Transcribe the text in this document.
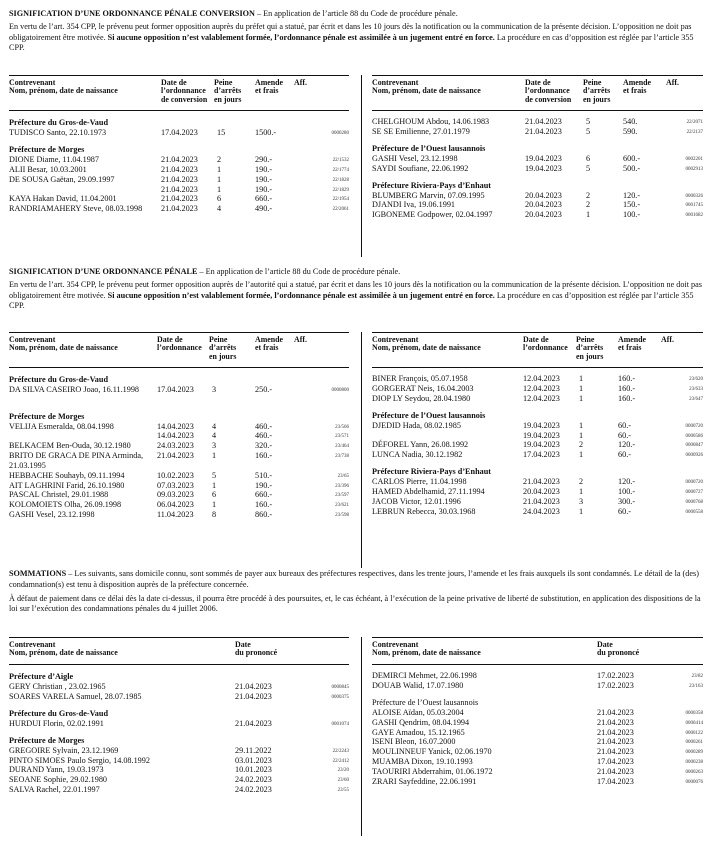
SIGNIFICATION D’UNE ORDONNANCE PÉNALE CONVERSION – En application de l’article 88 du Code de procédure pénale.
En vertu de l’art. 354 CPP, le prévenu peut former opposition auprès du préfet qui a statué, par écrit et dans les 10 jours dès la notification ou la communication de la présente décision. L’opposition ne doit pas obligatoirement être motivée. Si aucune opposition n’est valablement formée, l’ordonnance pénale est assimilée à un jugement entré en force. La procédure en cas d’opposition est réglée par l’article 355 CPP.
Contrevenant
Nom, prénom, date de naissance
Date de
l’ordonnance
de conversion
Peine
d’arrêts
en jours
Amende
et frais
Aff.
Préfecture du Gros-de-Vaud
TUDISCO Santo, 22.10.1973	17.04.2023 15	1500.-	0000280
Préfecture de Morges
DIONE Diame, 11.04.1987	21.04.2023 2	290.-	22/1532
ALII Besar, 10.03.2001	21.04.2023 1	190.-	22/1774
DE SOUSA Gaëtan, 29.09.1997	21.04.2023 1	190.-	22/1828
21.04.2023 1	190.-	22/1829
KAYA Hakan David, 11.04.2001	21.04.2023 6	660.-	22/1954
RANDRIAMAHERY Steve, 08.03.1998	21.04.2023 4	490.-	22/2061
Contrevenant
Nom, prénom, date de naissance
Date de
l’ordonnance
de conversion
Peine
d’arrêts
en jours
Amende
et frais
Aff.
CHELGHOUM Abdou, 14.06.1983	21.04.2023	5	540.	22/2071
SE SE Emilienne, 27.01.1979	21.04.2023	5	590.	22/2137
Préfecture de l’Ouest lausannois
GASHI Vesel, 23.12.1998	19.04.2023	6	600.-	0002201
SAYDI Soufiane, 22.06.1992	19.04.2023	5	500.-	0002913
Préfecture Riviera-Pays d’Enhaut
BLUMBERG Marvin, 07.09.1995	20.04.2023	2	120.-	0000326
DJANDI Iva, 19.06.1991	20.04.2023	2	150.-	0001745
IGBONEME Godpower, 02.04.1997	20.04.2023	1	100.-	0001682
SIGNIFICATION D’UNE ORDONNANCE PÉNALE – En application de l’article 88 du Code de procédure pénale.
En vertu de l’art. 354 CPP, le prévenu peut former opposition auprès de l’autorité qui a statué, par écrit et dans les 10 jours dès la notification ou la communication de la présente décision. L’opposition ne doit pas obligatoirement être motivée. Si aucune opposition n’est valablement formée, l’ordonnance pénale est assimilée à un jugement entré en force. La procédure en cas d’opposition est réglée par l’article 355 CPP.
Contrevenant
Nom, prénom, date de naissance
Date de
l’ordonnance
Peine
d’arrêts
en jours
Amende
et frais
Aff.
Préfecture du Gros-de-Vaud
DA SILVA CASEIRO Joao, 16.11.1998	17.04.2023 3	250.-	0000800
Préfecture de Morges
VELIJA Esmeralda, 08.04.1998	14.04.2023 4	460.-	23/566
14.04.2023 4	460.-	23/571
BELKACEM Ben-Ouda, 30.12.1980	24.03.2023 3	320.-	23/464
BRITO DE GRACA DE PINA Arminda, 21.03.1995
21.04.2023 1	160.-	23/738
HEBBACHE Souhayb, 09.11.1994	10.02.2023 5	510.-	23/65
AIT LAGHRINI Farid, 26.10.1980	07.03.2023 1	190.-	23/396
PASCAL Christel, 29.01.1988	09.03.2023 6	660.-	23/597
KOLOMOIETS Olha, 26.09.1998	06.04.2023 1	160.-	23/621
GASHI Vesel, 23.12.1998	11.04.2023 8	860.-	23/598
Contrevenant
Nom, prénom, date de naissance
Date de
l’ordonnance
Peine
d’arrêts
en jours
Amende
et frais
Aff.
BINER François, 05.07.1958	12.04.2023 1	160.-	23/620
GORGERAT Neis, 16.04.2003	12.04.2023 1	160.-	23/633
DIOP LY Seydou, 28.04.1980	12.04.2023 1	160.-	23/647
Préfecture de l’Ouest lausannois
DJEDID Hada, 08.02.1985	19.04.2023 1	60.-	0000720
19.04.2023 1	60.-	0000586
DÉFOREL Yann, 26.08.1992	19.04.2023 2	120.-	0000847
LUNCA Nadia, 30.12.1982	17.04.2023 1	60.-	0000926
Préfecture Riviera-Pays d’Enhaut
CARLOS Pierre, 11.04.1998	21.04.2023 2	120.-	0000720
HAMED Abdelhamid, 27.11.1994	20.04.2023 1	100.-	0000727
JACOB Victor, 12.01.1996	21.04.2023 3	300.-	0000768
LEBRUN Rebecca, 30.03.1968	24.04.2023 1	60.-	0000558
SOMMATIONS – Les suivants, sans domicile connu, sont sommés de payer aux bureaux des préfectures respectives, dans les trente jours, l’amende et les frais auxquels ils sont condamnés. Le détail de la (des) condamnation(s) est tenu à disposition auprès de la préfecture concernée.
À défaut de paiement dans ce délai dès la date ci-dessus, il pourra être procédé à des poursuites, et, le cas échéant, à l’exécution de la peine privative de liberté de substitution, en application des dispositions de la loi sur l’exécution des condamnations pénales du 4 juillet 2006.
Contrevenant
Nom, prénom, date de naissance
Date
du prononcé
Préfecture d’Aigle
GERY Christian , 23.02.1965	21.04.2023	0000845
SOARES VARELA Samuel, 28.07.1985	21.04.2023	0000375
Préfecture du Gros-de-Vaud
HURDUI Florin, 02.02.1991	21.04.2023	0001074
Préfecture de Morges
GREGOIRE Sylvain, 23.12.1969	29.11.2022	22/2243
PINTO SIMOES Paulo Sergio, 14.08.1992	03.01.2023	22/2412
DURAND Yann, 19.03.1973	10.01.2023	23/20
SEOANE Sophie, 29.02.1980	24.02.2023	23/60
SALVA Rachel, 22.01.1997	24.02.2023	23/55
Contrevenant
Nom, prénom, date de naissance
Date
du prononcé
DEMIRCI Mehmet, 22.06.1998	17.02.2023	23/82
DOUAB Walid, 17.07.1980	17.02.2023	23/163
Préfecture de l’Ouest lausannois
ALOISE Aïdan, 05.03.2004	21.04.2023	0000358
GASHI Qendrim, 08.04.1994	21.04.2023	0000414
GAYE Amadou, 15.12.1965	21.04.2023	0000122
ISENI Bleon, 16.07.2000	21.04.2023	0000261
MOULINNEUF Yanick, 02.06.1970	21.04.2023	0000289
MUAMBA Dixon, 19.10.1993	17.04.2023	0000238
TAOURIRI Abderrahim, 01.06.1972	21.04.2023	0000263
ZRARI Sayfeddine, 22.06.1991	17.04.2023	0000076
